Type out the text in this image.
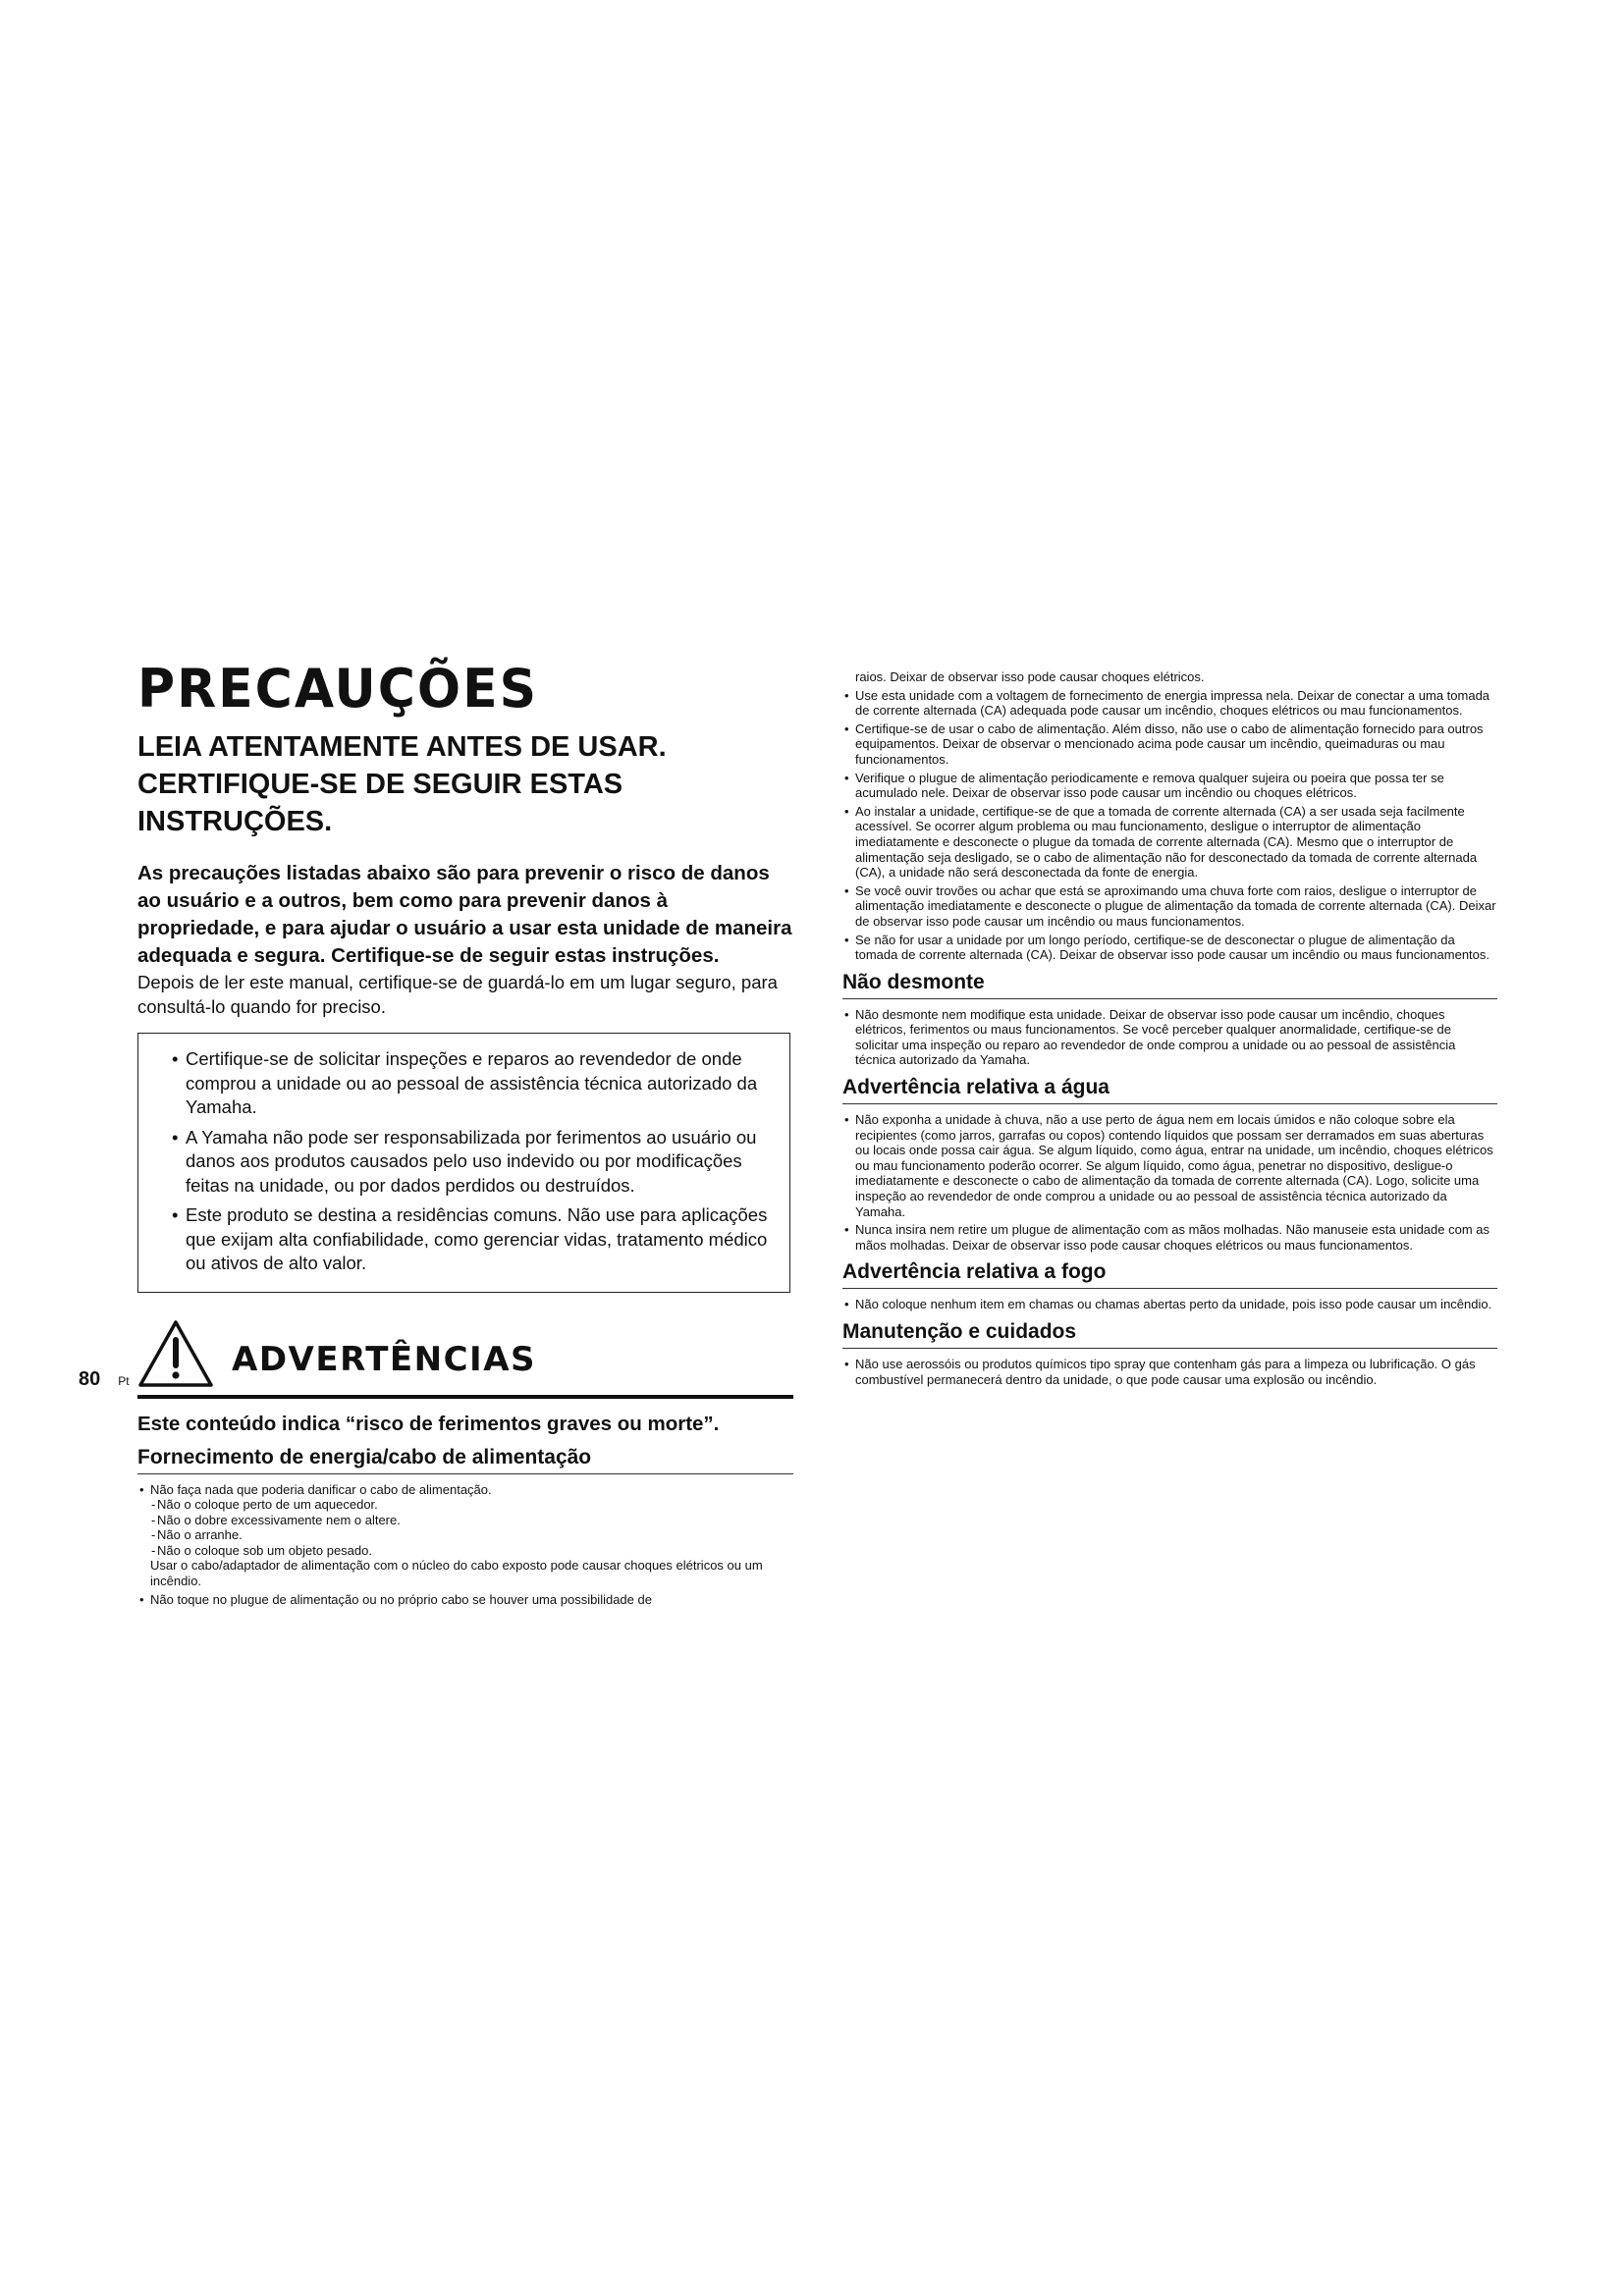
PRECAUÇÕES
LEIA ATENTAMENTE ANTES DE USAR.
CERTIFIQUE-SE DE SEGUIR ESTAS
INSTRUÇÕES.

As precauções listadas abaixo são para prevenir o risco de danos ao usuário e a outros, bem como para prevenir danos à propriedade, e para ajudar o usuário a usar esta unidade de maneira adequada e segura. Certifique-se de seguir estas instruções.

Depois de ler este manual, certifique-se de guardá-lo em um lugar seguro, para consultá-lo quando for preciso.

• Certifique-se de solicitar inspeções e reparos ao revendedor de onde comprou a unidade ou ao pessoal de assistência técnica autorizado da Yamaha.
• A Yamaha não pode ser responsabilizada por ferimentos ao usuário ou danos aos produtos causados pelo uso indevido ou por modificações feitas na unidade, ou por dados perdidos ou destruídos.
• Este produto se destina a residências comuns. Não use para aplicações que exijam alta confiabilidade, como gerenciar vidas, tratamento médico ou ativos de alto valor.
ADVERTÊNCIAS

Este conteúdo indica “risco de ferimentos graves ou morte”.

Fornecimento de energia/cabo de alimentação
• Não faça nada que poderia danificar o cabo de alimentação.
- Não o coloque perto de um aquecedor.
- Não o dobre excessivamente nem o altere.
- Não o arranhe.
- Não o coloque sob um objeto pesado.
Usar o cabo/adaptador de alimentação com o núcleo do cabo exposto pode causar choques elétricos ou um incêndio.
• Não toque no plugue de alimentação ou no próprio cabo se houver uma possibilidade de
raios. Deixar de observar isso pode causar choques elétricos.
• Use esta unidade com a voltagem de fornecimento de energia impressa nela. Deixar de conectar a uma tomada de corrente alternada (CA) adequada pode causar um incêndio, choques elétricos ou mau funcionamentos.
• Certifique-se de usar o cabo de alimentação. Além disso, não use o cabo de alimentação fornecido para outros equipamentos. Deixar de observar o mencionado acima pode causar um incêndio, queimaduras ou mau funcionamentos.
• Verifique o plugue de alimentação periodicamente e remova qualquer sujeira ou poeira que possa ter se acumulado nele. Deixar de observar isso pode causar um incêndio ou choques elétricos.
• Ao instalar a unidade, certifique-se de que a tomada de corrente alternada (CA) a ser usada seja facilmente acessível. Se ocorrer algum problema ou mau funcionamento, desligue o interruptor de alimentação imediatamente e desconecte o plugue da tomada de corrente alternada (CA). Mesmo que o interruptor de alimentação seja desligado, se o cabo de alimentação não for desconectado da tomada de corrente alternada (CA), a unidade não será desconectada da fonte de energia.
• Se você ouvir trovões ou achar que está se aproximando uma chuva forte com raios, desligue o interruptor de alimentação imediatamente e desconecte o plugue de alimentação da tomada de corrente alternada (CA). Deixar de observar isso pode causar um incêndio ou maus funcionamentos.
• Se não for usar a unidade por um longo período, certifique-se de desconectar o plugue de alimentação da tomada de corrente alternada (CA). Deixar de observar isso pode causar um incêndio ou maus funcionamentos.
Não desmonte
• Não desmonte nem modifique esta unidade. Deixar de observar isso pode causar um incêndio, choques elétricos, ferimentos ou maus funcionamentos. Se você perceber qualquer anormalidade, certifique-se de solicitar uma inspeção ou reparo ao revendedor de onde comprou a unidade ou ao pessoal de assistência técnica autorizado da Yamaha.
Advertência relativa a água
• Não exponha a unidade à chuva, não a use perto de água nem em locais úmidos e não coloque sobre ela recipientes (como jarros, garrafas ou copos) contendo líquidos que possam ser derramados em suas aberturas ou locais onde possa cair água. Se algum líquido, como água, entrar na unidade, um incêndio, choques elétricos ou mau funcionamento poderão ocorrer. Se algum líquido, como água, penetrar no dispositivo, desligue-o imediatamente e desconecte o cabo de alimentação da tomada de corrente alternada (CA). Logo, solicite uma inspeção ao revendedor de onde comprou a unidade ou ao pessoal de assistência técnica autorizado da Yamaha.
• Nunca insira nem retire um plugue de alimentação com as mãos molhadas. Não manuseie esta unidade com as mãos molhadas. Deixar de observar isso pode causar choques elétricos ou maus funcionamentos.
Advertência relativa a fogo
• Não coloque nenhum item em chamas ou chamas abertas perto da unidade, pois isso pode causar um incêndio.
Manutenção e cuidados
• Não use aerossóis ou produtos químicos tipo spray que contenham gás para a limpeza ou lubrificação. O gás combustível permanecerá dentro da unidade, o que pode causar uma explosão ou incêndio.
80 Pt
